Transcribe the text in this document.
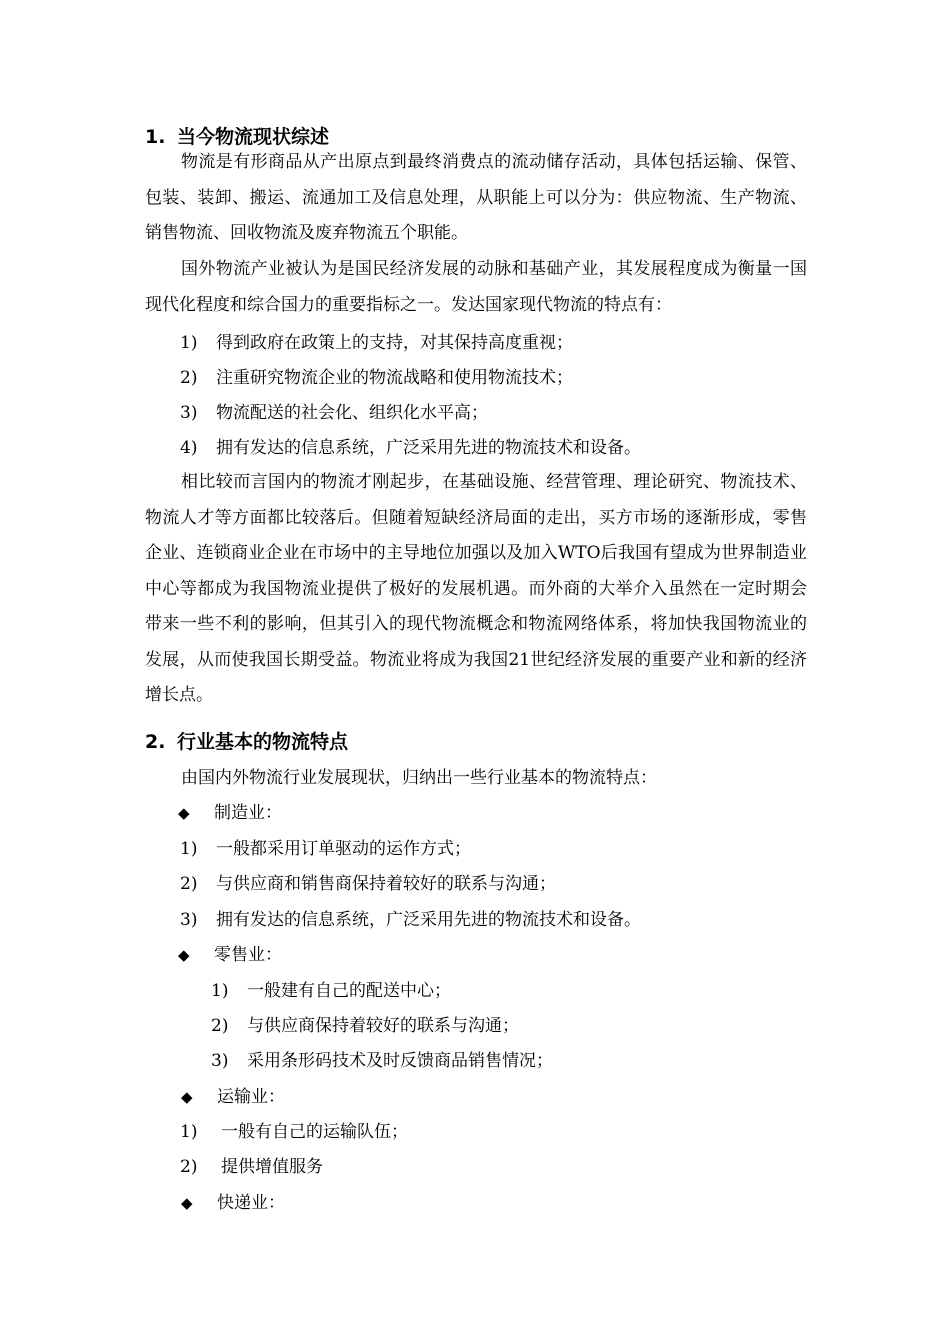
1. 当今物流现状综述

物流是有形商品从产出原点到最终消费点的流动储存活动，具体包括运输、保管、包装、装卸、搬运、流通加工及信息处理，从职能上可以分为：供应物流、生产物流、销售物流、回收物流及废弃物流五个职能。

国外物流产业被认为是国民经济发展的动脉和基础产业，其发展程度成为衡量一国现代化程度和综合国力的重要指标之一。发达国家现代物流的特点有：

1) 得到政府在政策上的支持，对其保持高度重视；
2) 注重研究物流企业的物流战略和使用物流技术；
3) 物流配送的社会化、组织化水平高；
4) 拥有发达的信息系统，广泛采用先进的物流技术和设备。

相比较而言国内的物流才刚起步，在基础设施、经营管理、理论研究、物流技术、物流人才等方面都比较落后。但随着短缺经济局面的走出，买方市场的逐渐形成，零售企业、连锁商业企业在市场中的主导地位加强以及加入WTO后我国有望成为世界制造业中心等都成为我国物流业提供了极好的发展机遇。而外商的大举介入虽然在一定时期会带来一些不利的影响，但其引入的现代物流概念和物流网络体系，将加快我国物流业的发展，从而使我国长期受益。物流业将成为我国21世纪经济发展的重要产业和新的经济增长点。

2. 行业基本的物流特点
由国内外物流行业发展现状，归纳出一些行业基本的物流特点：
◆ 制造业：
1) 一般都采用订单驱动的运作方式；
2) 与供应商和销售商保持着较好的联系与沟通；
3) 拥有发达的信息系统，广泛采用先进的物流技术和设备。
◆ 零售业：
1) 一般建有自己的配送中心；
2) 与供应商保持着较好的联系与沟通；
3) 采用条形码技术及时反馈商品销售情况；
◆ 运输业：
1) 一般有自己的运输队伍；
2) 提供增值服务
◆ 快递业：
